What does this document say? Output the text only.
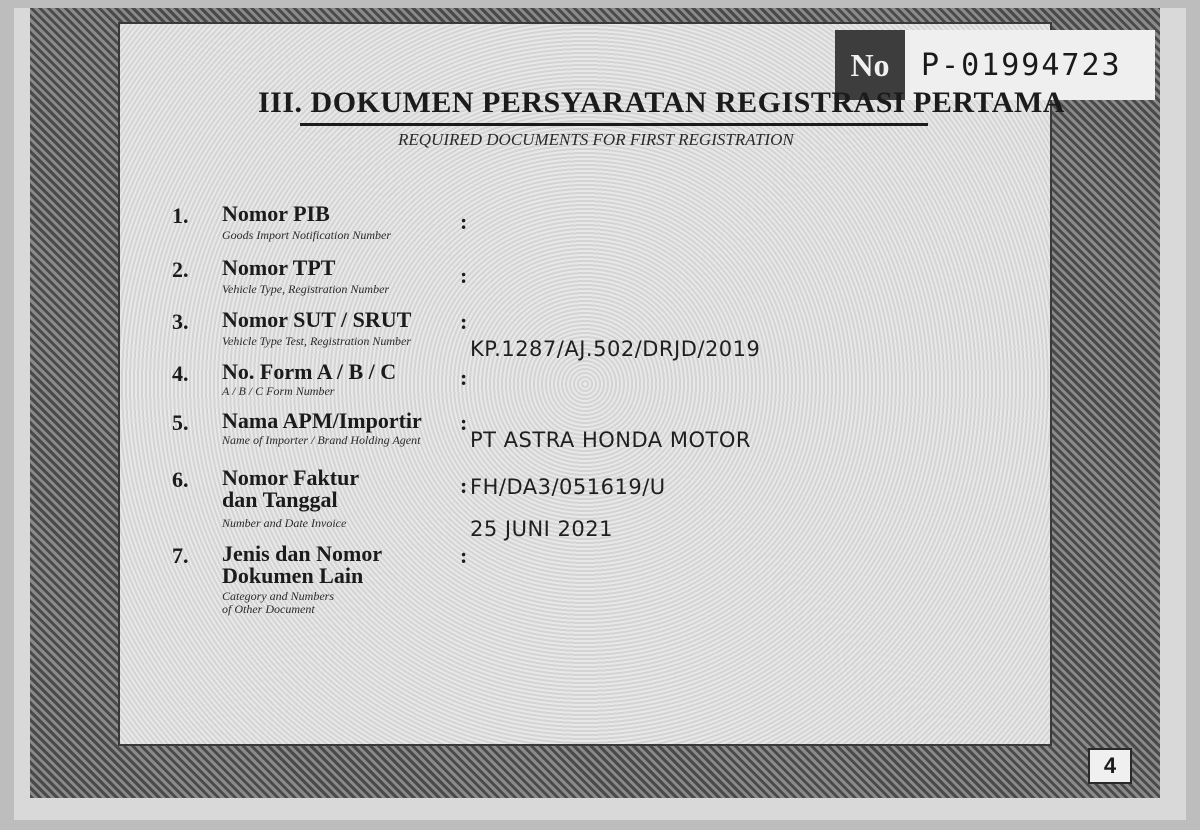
No	P-01994723
III. DOKUMEN PERSYARATAN REGISTRASI PERTAMA
REQUIRED DOCUMENTS FOR FIRST REGISTRATION
1. Nomor PIB
Goods Import Notification Number
:
2. Nomor TPT
Vehicle Type, Registration Number
:
3. Nomor SUT / SRUT
Vehicle Type Test, Registration Number
:
KP.1287/AJ.502/DRJD/2019
4. No. Form A / B / C
A / B / C Form Number
:
5. Nama APM/Importir
Name of Importer / Brand Holding Agent
:
PT ASTRA HONDA MOTOR
6. Nomor Faktur
dan Tanggal
Number and Date Invoice
: FH/DA3/051619/U
25 JUNI 2021
7. Jenis dan Nomor
Dokumen Lain
Category and Numbers
of Other Document
:
4
